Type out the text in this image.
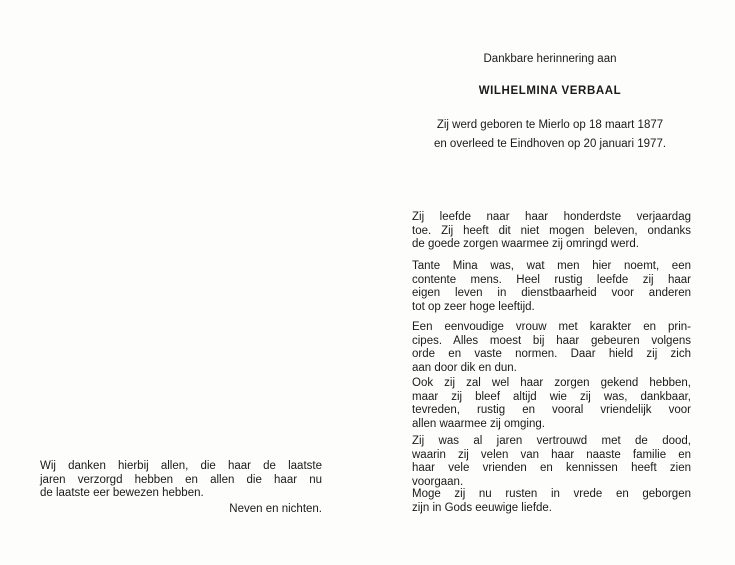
Dankbare herinnering aan
WILHELMINA VERBAAL
Zij werd geboren te Mierlo op 18 maart 1877
en overleed te Eindhoven op 20 januari 1977.
Zij leefde naar haar honderdste verjaardag
toe. Zij heeft dit niet mogen beleven, ondanks
de goede zorgen waarmee zij omringd werd.
Tante Mina was, wat men hier noemt, een
contente mens. Heel rustig leefde zij haar
eigen leven in dienstbaarheid voor anderen
tot op zeer hoge leeftijd.
Een eenvoudige vrouw met karakter en prin-
cipes. Alles moest bij haar gebeuren volgens
orde en vaste normen. Daar hield zij zich
aan door dik en dun.
Ook zij zal wel haar zorgen gekend hebben,
maar zij bleef altijd wie zij was, dankbaar,
tevreden, rustig en vooral vriendelijk voor
allen waarmee zij omging.
Zij was al jaren vertrouwd met de dood,
waarin zij velen van haar naaste familie en
haar vele vrienden en kennissen heeft zien
voorgaan.
Moge zij nu rusten in vrede en geborgen
zijn in Gods eeuwige liefde.
Wij danken hierbij allen, die haar de laatste
jaren verzorgd hebben en allen die haar nu
de laatste eer bewezen hebben.
Neven en nichten.
